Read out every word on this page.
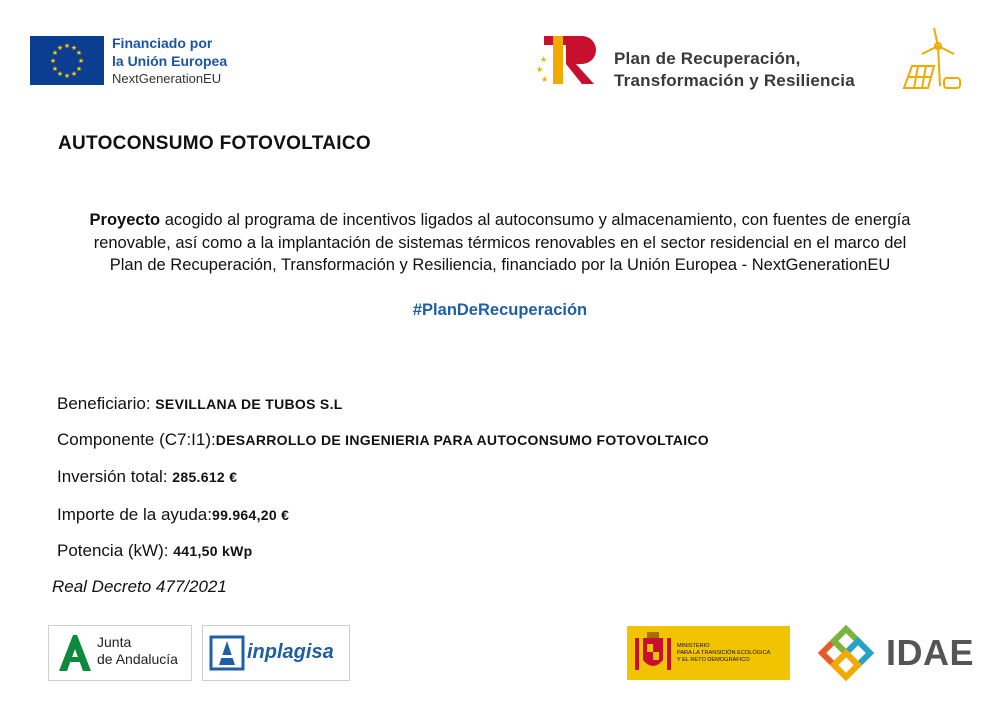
★ ★
★
★
★
★
★
★
★
★
★
★	Financiado por
la Unión Europea
NextGenerationEU
★
★
★
Plan de Recuperación,
Transformación y Resiliencia
AUTOCONSUMO FOTOVOLTAICO
Proyecto acogido al programa de incentivos ligados al autoconsumo y almacenamiento, con fuentes de energía
renovable, así como a la implantación de sistemas térmicos renovables en el sector residencial en el marco del
Plan de Recuperación, Transformación y Resiliencia, financiado por la Unión Europea - NextGenerationEU
#PlanDeRecuperación
Beneficiario: SEVILLANA DE TUBOS S.L
Componente (C7:I1):DESARROLLO DE INGENIERIA PARA AUTOCONSUMO FOTOVOLTAICO
Inversión total: 285.612 €
Importe de la ayuda:99.964,20 €
Potencia (kW): 441,50 kWp
Real Decreto 477/2021
Junta
de Andalucía	inplagisa	MINISTERIO
PARA LA TRANSICIÓN ECOLÓGICA
Y EL RETO DEMOGRÁFICO	IDAE
